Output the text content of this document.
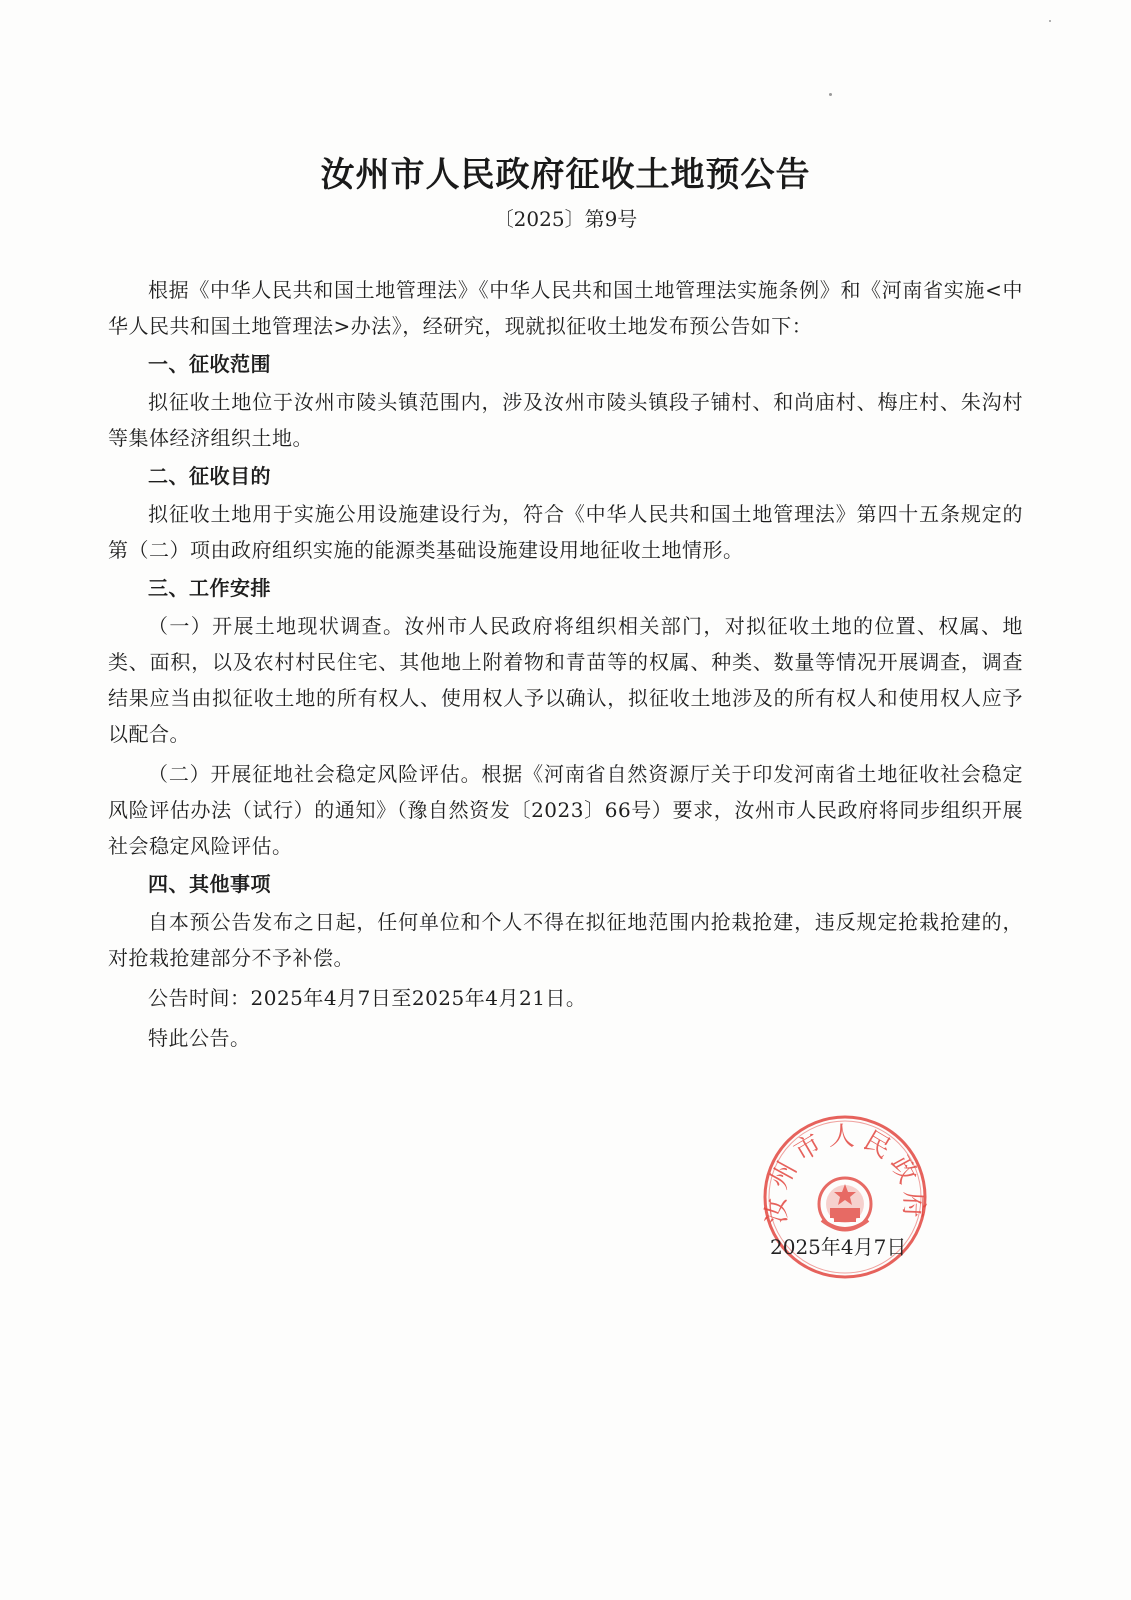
汝州市人民政府征收土地预公告
〔2025〕第9号

根据《中华人民共和国土地管理法》《中华人民共和国土地管理法实施条例》和《河南省实施<中华人民共和国土地管理法>办法》，经研究，现就拟征收土地发布预公告如下：

一、征收范围

拟征收土地位于汝州市陵头镇范围内，涉及汝州市陵头镇段子铺村、和尚庙村、梅庄村、朱沟村等集体经济组织土地。

二、征收目的

拟征收土地用于实施公用设施建设行为，符合《中华人民共和国土地管理法》第四十五条规定的第（二）项由政府组织实施的能源类基础设施建设用地征收土地情形。

三、工作安排

（一）开展土地现状调查。汝州市人民政府将组织相关部门，对拟征收土地的位置、权属、地类、面积，以及农村村民住宅、其他地上附着物和青苗等的权属、种类、数量等情况开展调查，调查结果应当由拟征收土地的所有权人、使用权人予以确认，拟征收土地涉及的所有权人和使用权人应予以配合。

（二）开展征地社会稳定风险评估。根据《河南省自然资源厅关于印发河南省土地征收社会稳定风险评估办法（试行）的通知》（豫自然资发〔2023〕66号）要求，汝州市人民政府将同步组织开展社会稳定风险评估。

四、其他事项

自本预公告发布之日起，任何单位和个人不得在拟征地范围内抢栽抢建，违反规定抢栽抢建的，对抢栽抢建部分不予补偿。

公告时间：2025年4月7日至2025年4月21日。

特此公告。

汝州市人民政府
2025年4月7日
